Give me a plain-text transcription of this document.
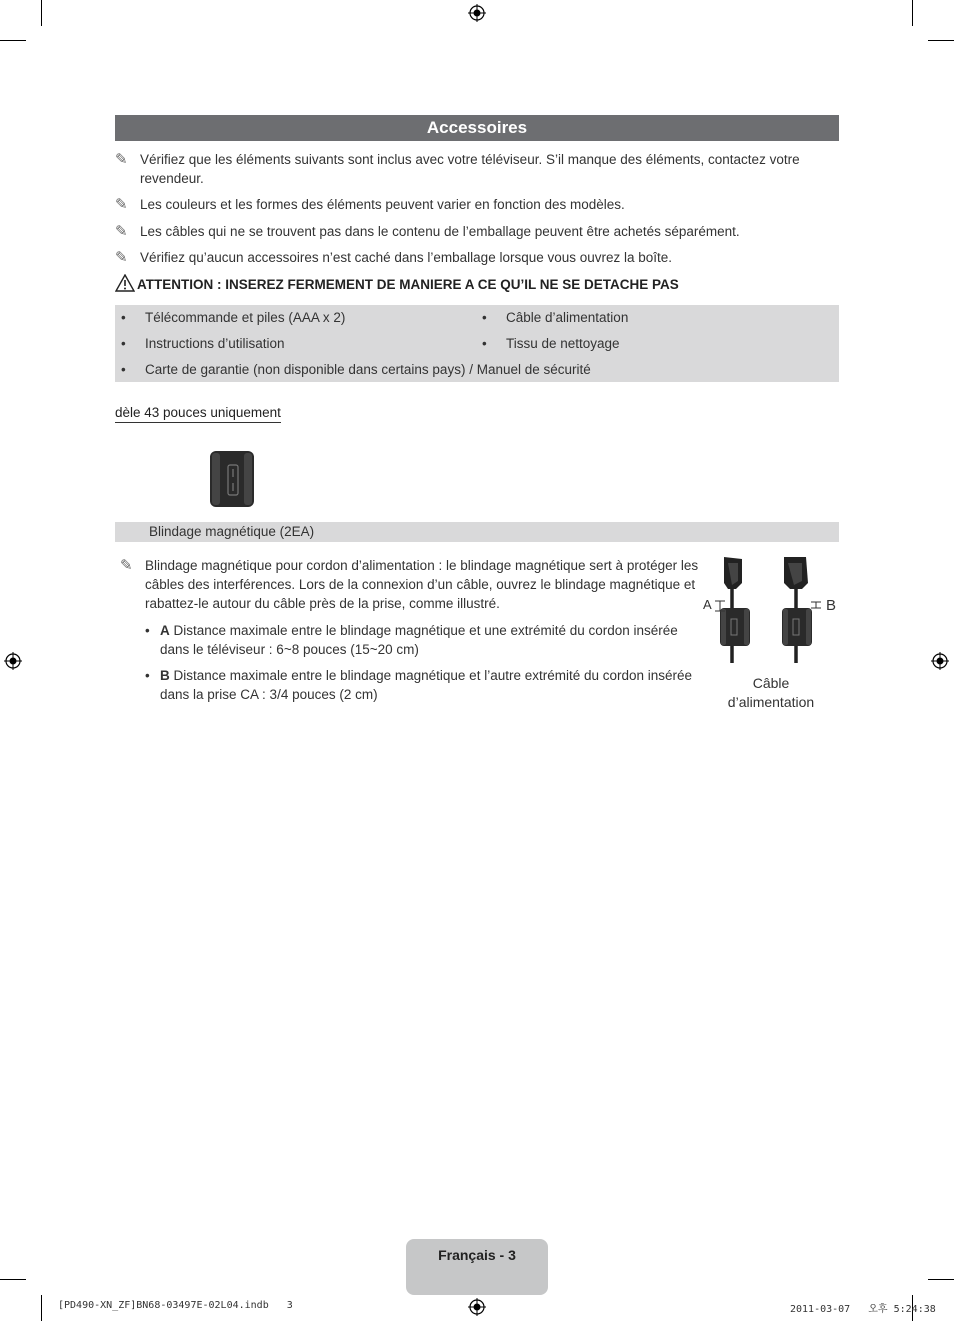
Accessoires
✎ Vérifiez que les éléments suivants sont inclus avec votre téléviseur. S’il manque des éléments, contactez votre revendeur.
✎ Les couleurs et les formes des éléments peuvent varier en fonction des modèles.
✎ Les câbles qui ne se trouvent pas dans le contenu de l’emballage peuvent être achetés séparément.
✎ Vérifiez qu’aucun accessoires n’est caché dans l’emballage lorsque vous ouvrez la boîte.
ATTENTION : INSEREZ FERMEMENT DE MANIERE A CE QU’IL NE SE DETACHE PAS
• Télécommande et piles (AAA x 2)	• Câble d’alimentation
• Instructions d’utilisation	• Tissu de nettoyage
• Carte de garantie (non disponible dans certains pays) / Manuel de sécurité
dèle 43 pouces uniquement
Blindage magnétique (2EA)
✎ Blindage magnétique pour cordon d’alimentation : le blindage magnétique sert à protéger les câbles des interférences. Lors de la connexion d’un câble, ouvrez le blindage magnétique et rabattez-le autour du câble près de la prise, comme illustré.
• A Distance maximale entre le blindage magnétique et une extrémité du cordon insérée dans le téléviseur : 6~8 pouces (15~20 cm)
• B Distance maximale entre le blindage magnétique et l’autre extrémité du cordon insérée dans la prise CA : 3/4 pouces (2 cm)
A	B
Câble
d’alimentation
Français - 3
[PD490-XN_ZF]BN68-03497E-02L04.indb   3	2011-03-07   오후 5:24:38
